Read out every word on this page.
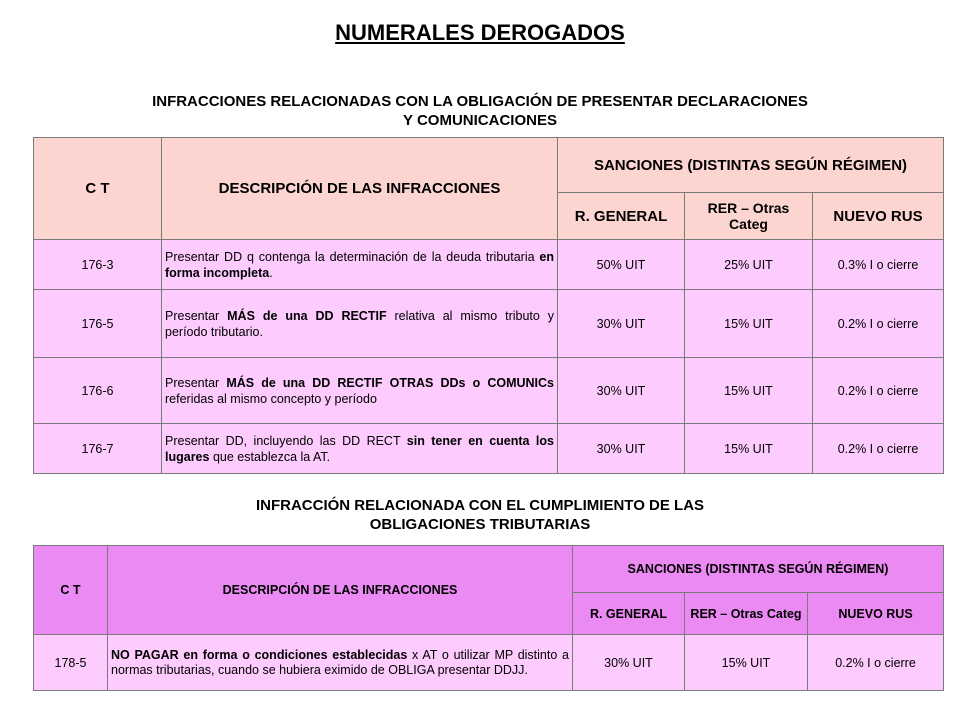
NUMERALES DEROGADOS
INFRACCIONES RELACIONADAS CON LA OBLIGACIÓN DE PRESENTAR DECLARACIONES
Y COMUNICACIONES
C T	DESCRIPCIÓN DE LAS INFRACCIONES	SANCIONES (DISTINTAS SEGÚN RÉGIMEN)		
		R. GENERAL	RER – Otras Categ	NUEVO RUS
176-3	Presentar DD q contenga la determinación de la deuda tributaria en forma incompleta.	50% UIT	25% UIT	0.3% I o cierre
176-5	Presentar MÁS de una DD RECTIF relativa al mismo tributo y período tributario.	30% UIT	15% UIT	0.2% I o cierre
176-6	Presentar MÁS de una DD RECTIF OTRAS DDs o COMUNICs referidas al mismo concepto y período	30% UIT	15% UIT	0.2% I o cierre
176-7	Presentar DD, incluyendo las DD RECT sin tener en cuenta los lugares que establezca la AT.	30% UIT	15% UIT	0.2% I o cierre
INFRACCIÓN RELACIONADA CON EL CUMPLIMIENTO DE LAS
OBLIGACIONES TRIBUTARIAS
C T	DESCRIPCIÓN DE LAS INFRACCIONES	SANCIONES (DISTINTAS SEGÚN RÉGIMEN)		
		R. GENERAL	RER – Otras Categ	NUEVO RUS
178-5	NO PAGAR en forma o condiciones establecidas x AT o utilizar MP distinto a normas tributarias, cuando se hubiera eximido de OBLIGA presentar DDJJ.	30% UIT	15% UIT	0.2% I o cierre
